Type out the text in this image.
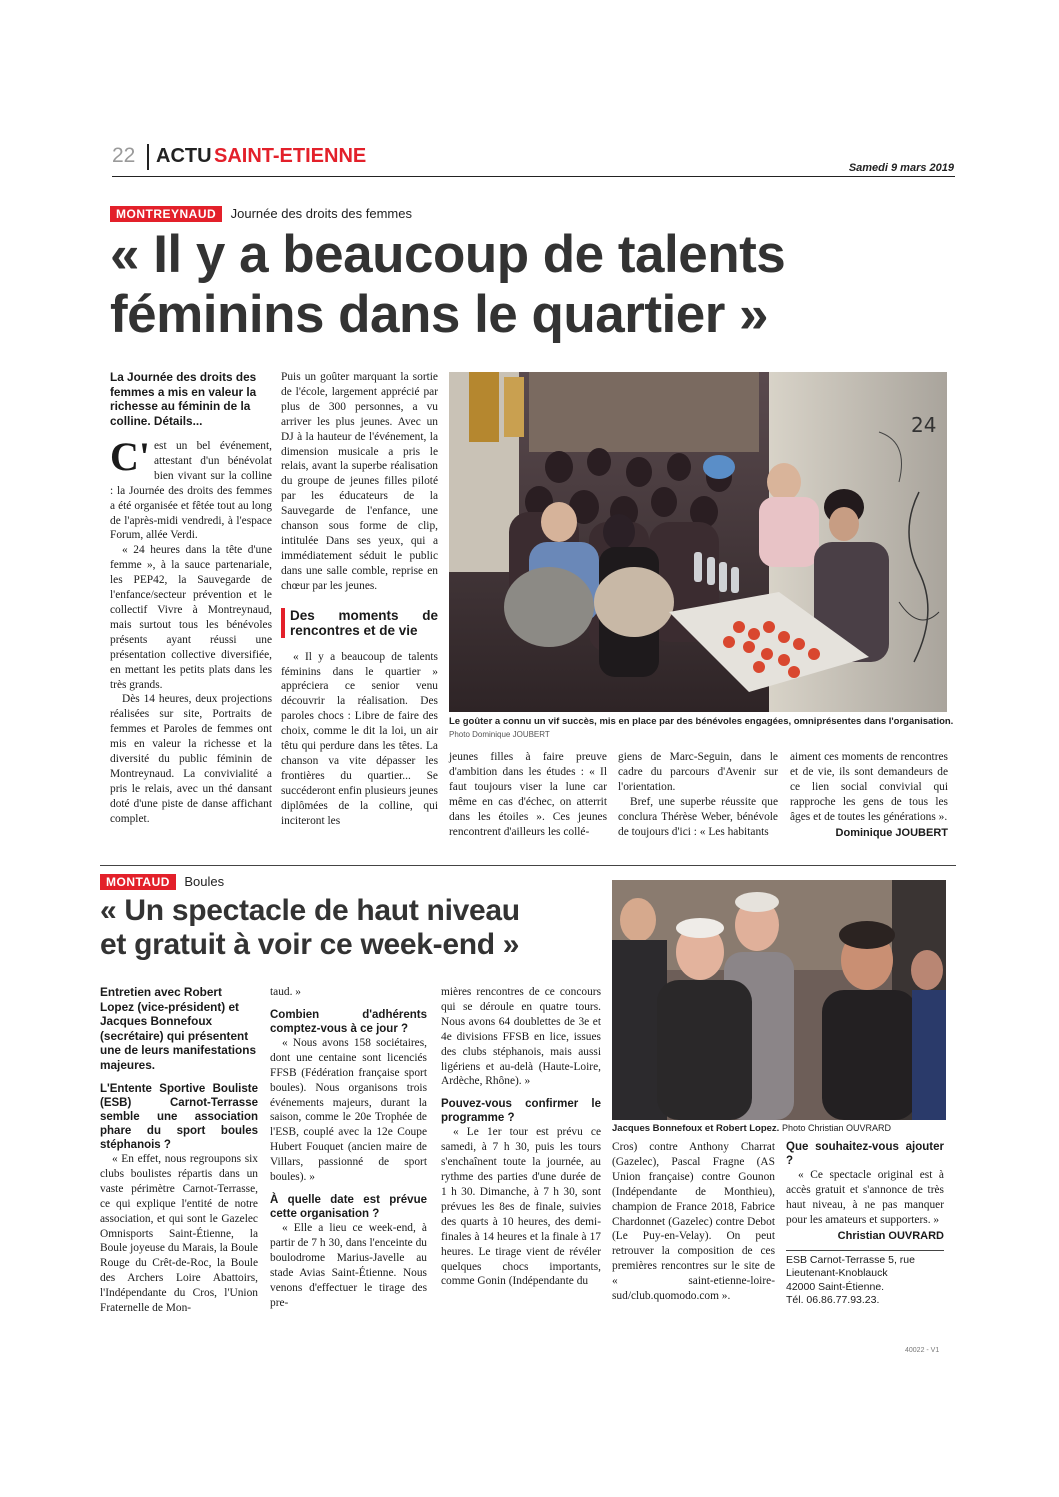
22 ACTU SAINT-ETIENNE
Samedi 9 mars 2019
MONTREYNAUD Journée des droits des femmes
« Il y a beaucoup de talents
féminins dans le quartier »
La Journée des droits des femmes a mis en valeur la richesse au féminin de la colline. Détails...
C' est un bel événement, attestant d'un bénévolat bien vivant sur la colline : la Journée des droits des femmes a été organisée et fêtée tout au long de l'après-midi vendredi, à l'espace Forum, allée Verdi.

« 24 heures dans la tête d'une femme », à la sauce partenariale, les PEP42, la Sauvegarde de l'enfance/secteur prévention et le collectif Vivre à Montreynaud, mais surtout tous les bénévoles présents ayant réussi une présentation collective diversifiée, en mettant les petits plats dans les très grands.

Dès 14 heures, deux projections réalisées sur site, Portraits de femmes et Paroles de femmes ont mis en valeur la richesse et la diversité du public féminin de Montreynaud. La convivialité a pris le relais, avec un thé dansant doté d'une piste de danse affichant complet.

Puis un goûter marquant la sortie de l'école, largement apprécié par plus de 300 personnes, a vu arriver les plus jeunes. Avec un DJ à la hauteur de l'événement, la dimension musicale a pris le relais, avant la superbe réalisation du groupe de jeunes filles piloté par les éducateurs de la Sauvegarde de l'enfance, une chanson sous forme de clip, intitulée Dans ses yeux, qui a immédiatement séduit le public dans une salle comble, reprise en chœur par les jeunes.

Des moments de rencontres et de vie

« Il y a beaucoup de talents féminins dans le quartier » appréciera ce senior venu découvrir la réalisation. Des paroles chocs : Libre de faire des choix, comme le dit la loi, un air têtu qui perdure dans les têtes. La chanson va vite dépasser les frontières du quartier... Se succéderont enfin plusieurs jeunes diplômées de la colline, qui inciteront les

24
Le goûter a connu un vif succès, mis en place par des bénévoles engagées, omniprésentes dans l'organisation.
Photo Dominique JOUBERT

jeunes filles à faire preuve d'ambition dans les études : « Il faut toujours viser la lune car même en cas d'échec, on atterrit dans les étoiles ». Ces jeunes rencontrent d'ailleurs les collé-

giens de Marc-Seguin, dans le cadre du parcours d'Avenir sur l'orientation.

Bref, une superbe réussite que conclura Thérèse Weber, bénévole de toujours d'ici : « Les habitants

aiment ces moments de rencontres et de vie, ils sont demandeurs de ce lien social convivial qui rapproche les gens de tous les âges et de toutes les générations ».

Dominique JOUBERT
MONTAUD Boules
« Un spectacle de haut niveau
et gratuit à voir ce week-end »
Jacques Bonnefoux et Robert Lopez. Photo Christian OUVRARD
Entretien avec Robert Lopez (vice-président) et Jacques Bonnefoux (secrétaire) qui présentent une de leurs manifestations majeures.

L'Entente Sportive Bouliste (ESB) Carnot-Terrasse semble une association phare du sport boules stéphanois ?

« En effet, nous regroupons six clubs boulistes répartis dans un vaste périmètre Carnot-Terrasse, ce qui explique l'entité de notre association, et qui sont le Gazelec Omnisports Saint-Étienne, la Boule joyeuse du Marais, la Boule Rouge du Crêt-de-Roc, la Boule des Archers Loire Abattoirs, l'Indépendante du Cros, l'Union Fraternelle de Mon-

taud. »

Combien d'adhérents comptez-vous à ce jour ?

« Nous avons 158 sociétaires, dont une centaine sont licenciés FFSB (Fédération française sport boules). Nous organisons trois événements majeurs, durant la saison, comme le 20e Trophée de l'ESB, couplé avec la 12e Coupe Hubert Fouquet (ancien maire de Villars, passionné de sport boules). »

À quelle date est prévue cette organisation ?

« Elle a lieu ce week-end, à partir de 7 h 30, dans l'enceinte du boulodrome Marius-Javelle au stade Avias Saint-Étienne. Nous venons d'effectuer le tirage des pre-

mières rencontres de ce concours qui se déroule en quatre tours. Nous avons 64 doublettes de 3e et 4e divisions FFSB en lice, issues des clubs stéphanois, mais aussi ligériens et au-delà (Haute-Loire, Ardèche, Rhône). »

Pouvez-vous confirmer le programme ?

« Le 1er tour est prévu ce samedi, à 7 h 30, puis les tours s'enchaînent toute la journée, au rythme des parties d'une durée de 1 h 30. Dimanche, à 7 h 30, sont prévues les 8es de finale, suivies des quarts à 10 heures, des demi-finales à 14 heures et la finale à 17 heures. Le tirage vient de révéler quelques chocs importants, comme Gonin (Indépendante du

Cros) contre Anthony Charrat (Gazelec), Pascal Fragne (AS Union française) contre Gounon (Indépendante de Monthieu), champion de France 2018, Fabrice Chardonnet (Gazelec) contre Debot (Le Puy-en-Velay). On peut retrouver la composition de ces premières rencontres sur le site de « saint-etienne-loire-sud/club.quomodo.com ».

Que souhaitez-vous ajouter ?

« Ce spectacle original est à accès gratuit et s'annonce de très haut niveau, à ne pas manquer pour les amateurs et supporters. »

Christian OUVRARD
ESB Carnot-Terrasse 5, rue Lieutenant-Knoblauck
42000 Saint-Étienne.
Tél. 06.86.77.93.23.
40022 - V1
